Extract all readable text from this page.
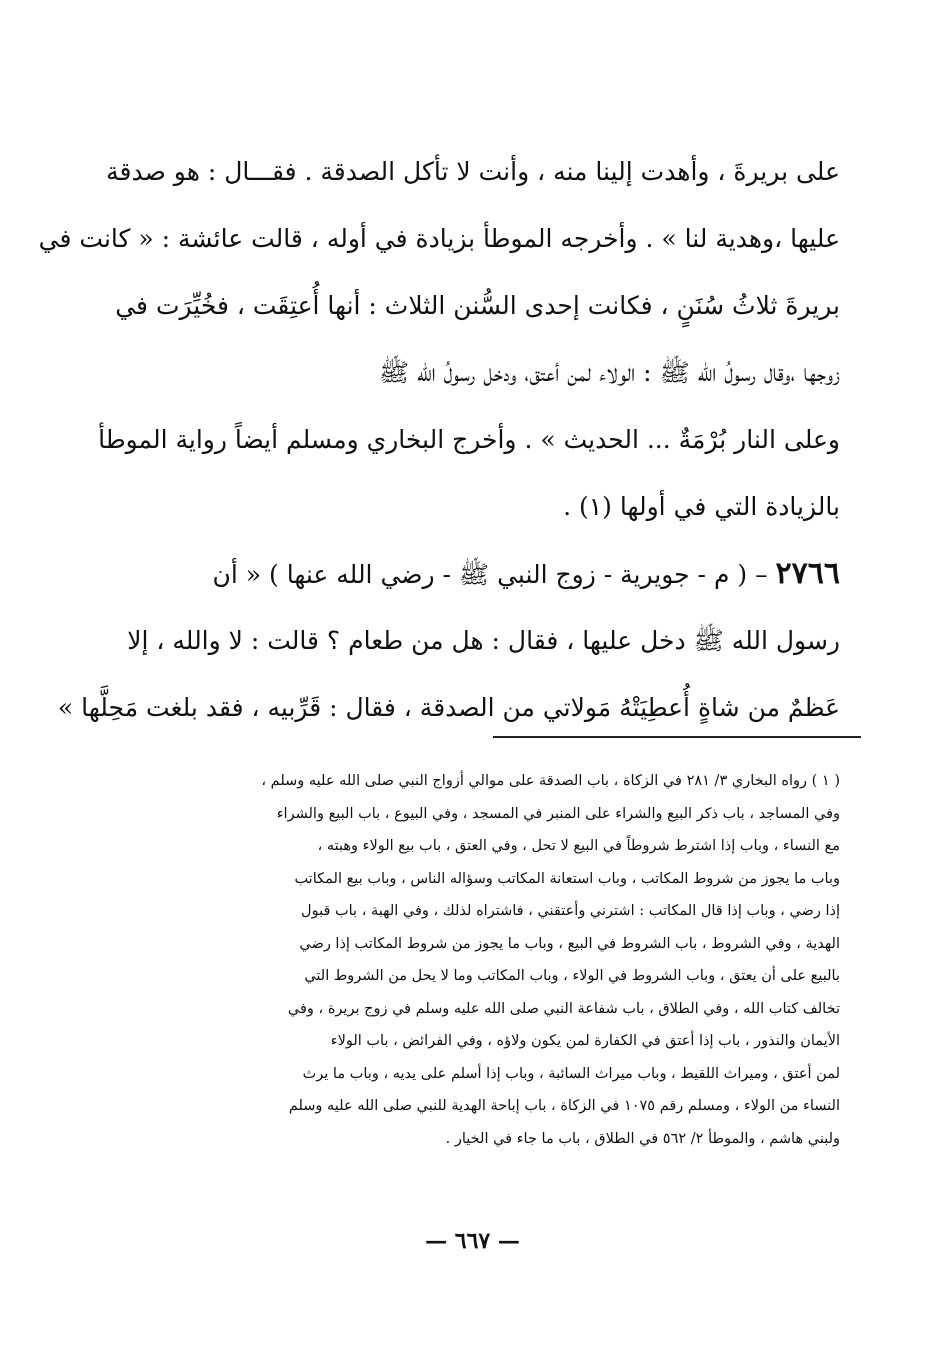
على بريرةَ ، وأهدت إلينا منه ، وأنت لا تأكل الصدقة . فقـــال : هو صدقة
عليها ،وهدية لنا » . وأخرجه الموطأ بزيادة في أوله ، قالت عائشة : « كانت في
بريرةَ ثلاثُ سُنَنٍ ، فكانت إحدى السُّنن الثلاث : أنها أُعتِقَت ، فخُيِّرَت في
زوجها ،وقال رسولُ الله ﷺ : الولاء لمن أعتق، ودخل رسولُ الله ﷺ
وعلى النار بُرْمَةٌ ... الحديث » . وأخرج البخاري ومسلم أيضاً رواية الموطأ
بالزيادة التي في أولها (١) .
٢٧٦٦ – ( م - جويرية - زوج النبي ﷺ - رضي الله عنها ) « أن
رسول الله ﷺ دخل عليها ، فقال : هل من طعام ؟ قالت : لا والله ، إلا
عَظمٌ من شاةٍ أُعطِيَتْهُ مَولاتي من الصدقة ، فقال : قَرِّبيه ، فقد بلغت مَحِلَّها »
( ١ ) رواه البخاري ٣/ ٢٨١ في الزكاة ، باب الصدقة على موالي أزواج النبي صلى الله عليه وسلم ،
وفي المساجد ، باب ذكر البيع والشراء على المنبر في المسجد ، وفي البيوع ، باب البيع والشراء
مع النساء ، وباب إذا اشترط شروطاً في البيع لا تحل ، وفي العتق ، باب بيع الولاء وهبته ،
وباب ما يجوز من شروط المكاتب ، وباب استعانة المكاتب وسؤاله الناس ، وباب بيع المكاتب
إذا رضي ، وباب إذا قال المكاتب : اشترني وأعتقني ، فاشتراه لذلك ، وفي الهبة ، باب قبول
الهدية ، وفي الشروط ، باب الشروط في البيع ، وباب ما يجوز من شروط المكاتب إذا رضي
بالبيع على أن يعتق ، وباب الشروط في الولاء ، وباب المكاتب وما لا يحل من الشروط التي
تخالف كتاب الله ، وفي الطلاق ، باب شفاعة النبي صلى الله عليه وسلم في زوج بريرة ، وفي
الأيمان والنذور ، باب إذا أعتق في الكفارة لمن يكون ولاؤه ، وفي الفرائض ، باب الولاء
لمن أعتق ، وميراث اللقيط ، وباب ميراث السائبة ، وباب إذا أسلم على يديه ، وباب ما يرث
النساء من الولاء ، ومسلم رقم ١٠٧٥ في الزكاة ، باب إباحة الهدية للنبي صلى الله عليه وسلم
ولبني هاشم ، والموطأ ٢/ ٥٦٢ في الطلاق ، باب ما جاء في الخيار .
— ٦٦٧ —
